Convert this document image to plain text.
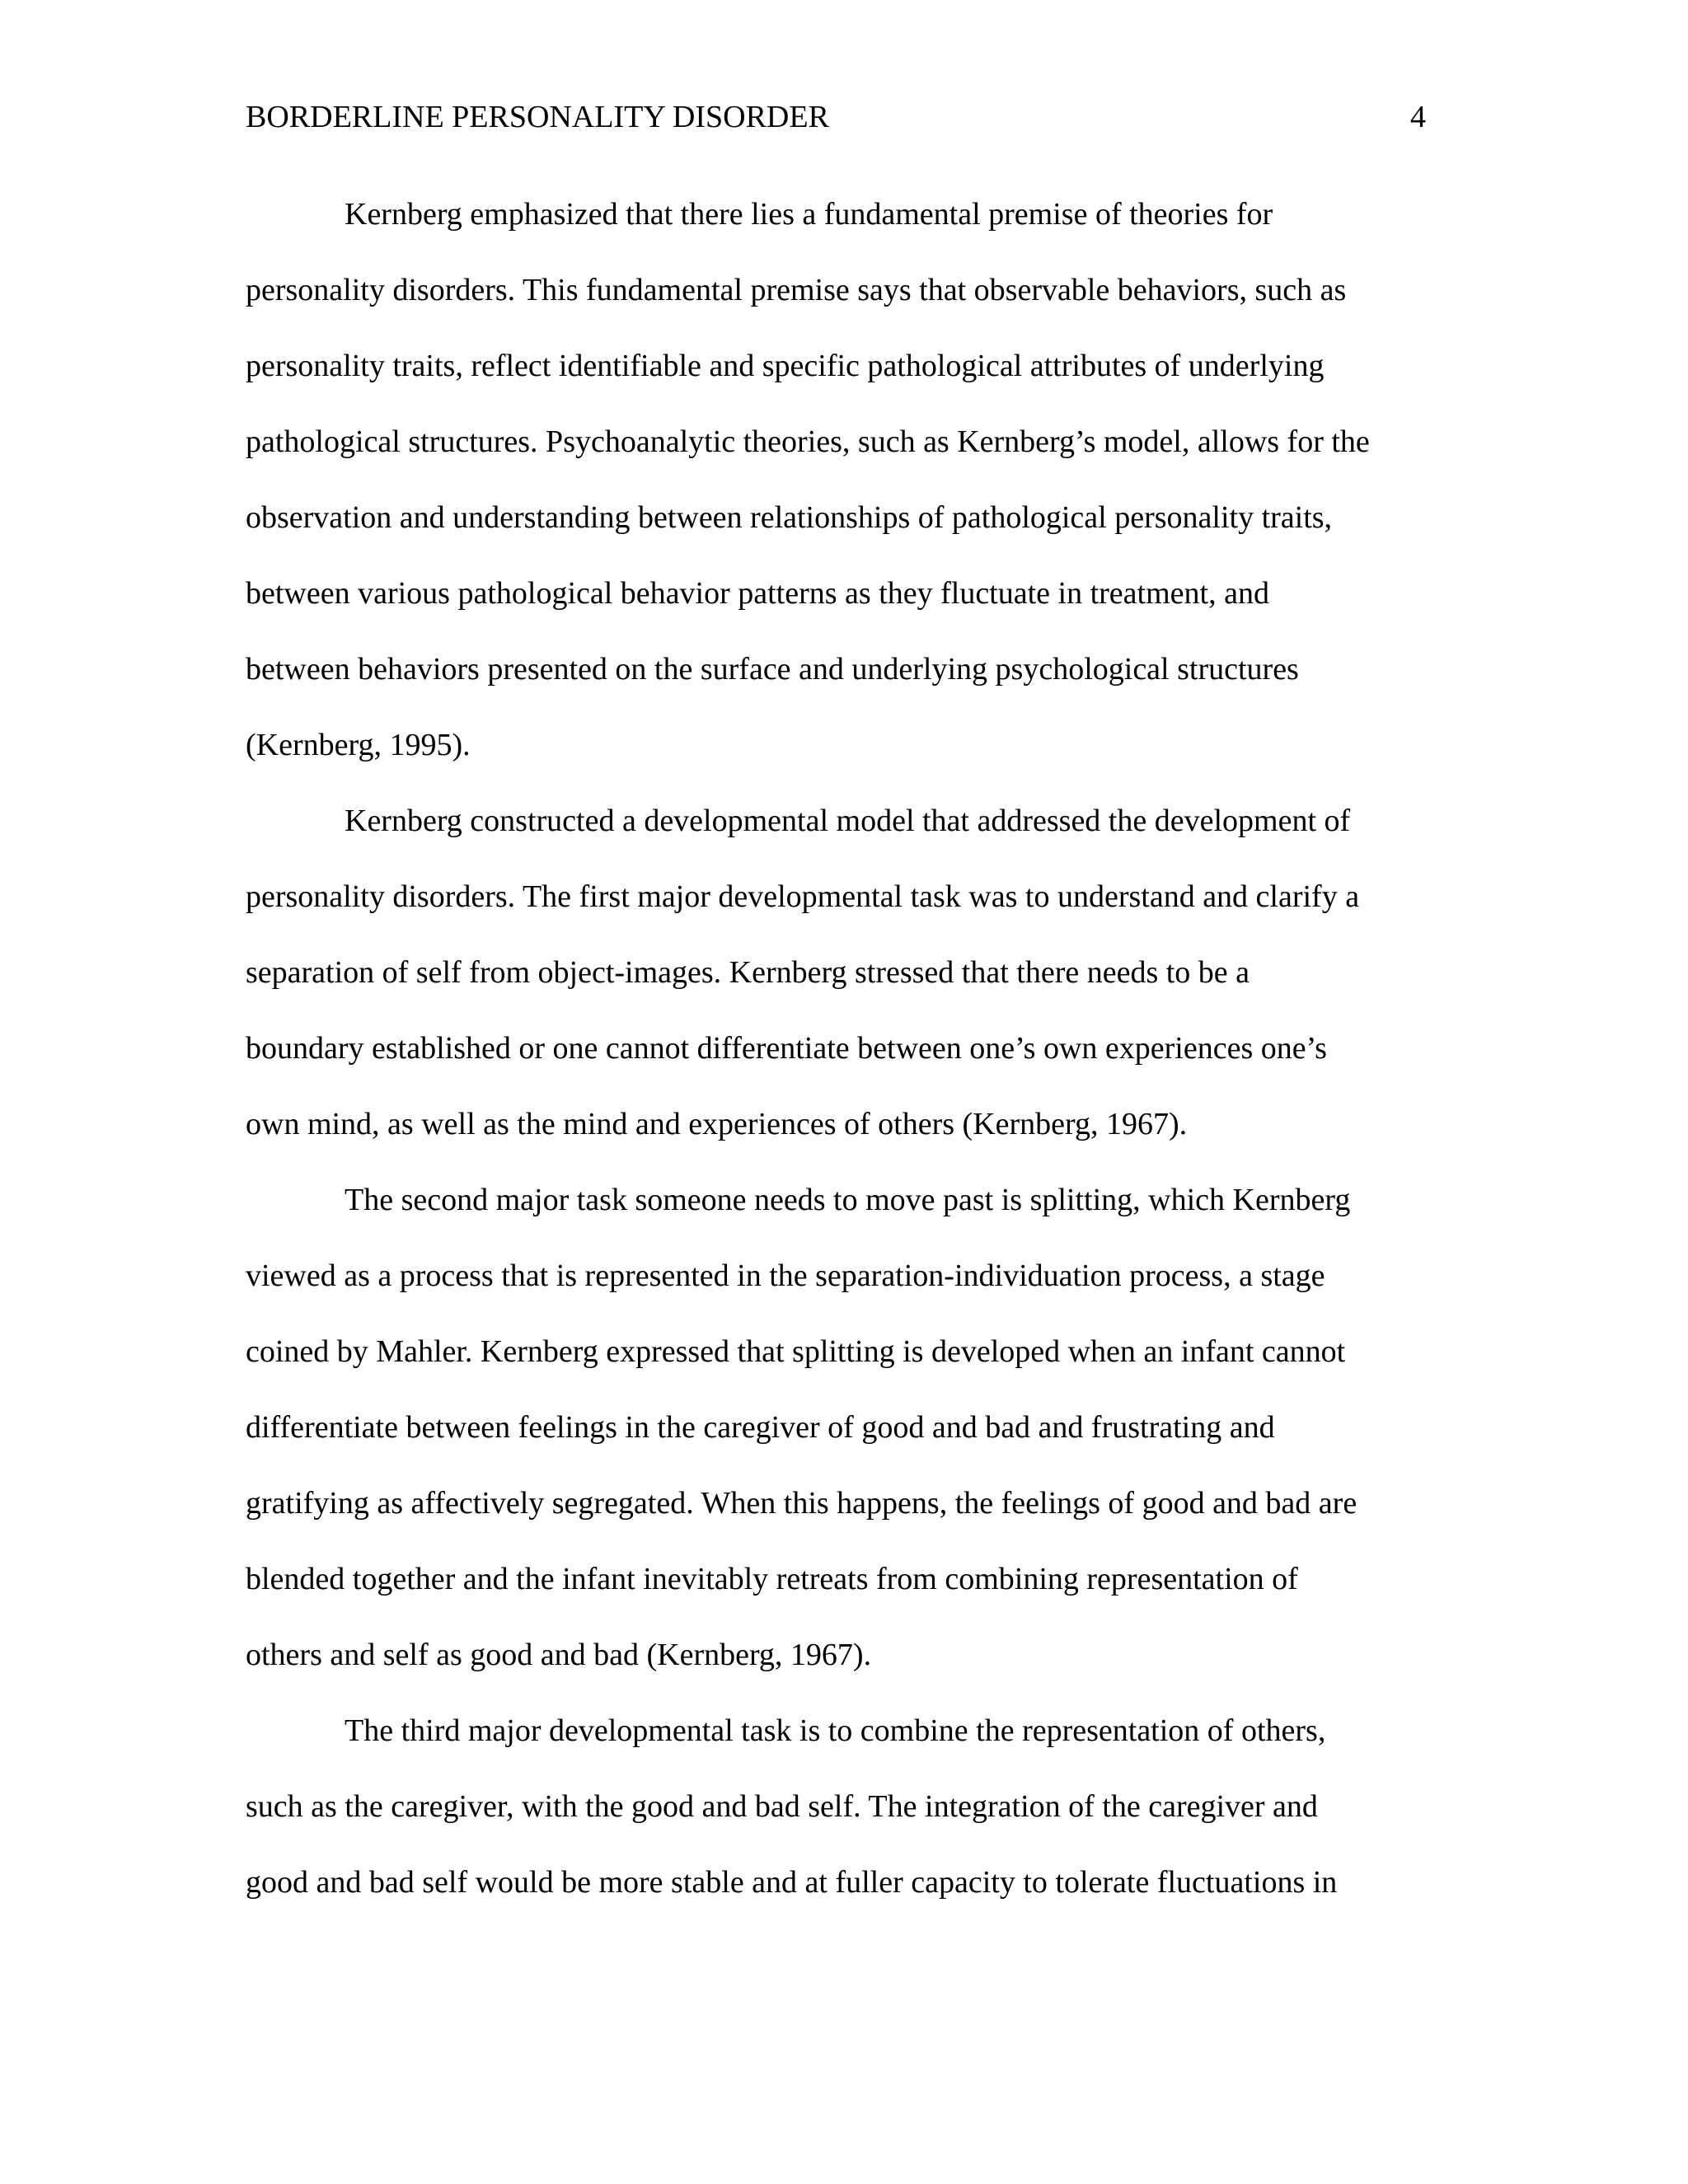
BORDERLINE PERSONALITY DISORDER	4
Kernberg emphasized that there lies a fundamental premise of theories for
personality disorders. This fundamental premise says that observable behaviors, such as
personality traits, reflect identifiable and specific pathological attributes of underlying
pathological structures. Psychoanalytic theories, such as Kernberg’s model, allows for the
observation and understanding between relationships of pathological personality traits,
between various pathological behavior patterns as they fluctuate in treatment, and
between behaviors presented on the surface and underlying psychological structures
(Kernberg, 1995).
Kernberg constructed a developmental model that addressed the development of
personality disorders. The first major developmental task was to understand and clarify a
separation of self from object-images. Kernberg stressed that there needs to be a
boundary established or one cannot differentiate between one’s own experiences one’s
own mind, as well as the mind and experiences of others (Kernberg, 1967).
The second major task someone needs to move past is splitting, which Kernberg
viewed as a process that is represented in the separation-individuation process, a stage
coined by Mahler. Kernberg expressed that splitting is developed when an infant cannot
differentiate between feelings in the caregiver of good and bad and frustrating and
gratifying as affectively segregated. When this happens, the feelings of good and bad are
blended together and the infant inevitably retreats from combining representation of
others and self as good and bad (Kernberg, 1967).
The third major developmental task is to combine the representation of others,
such as the caregiver, with the good and bad self. The integration of the caregiver and
good and bad self would be more stable and at fuller capacity to tolerate fluctuations in
